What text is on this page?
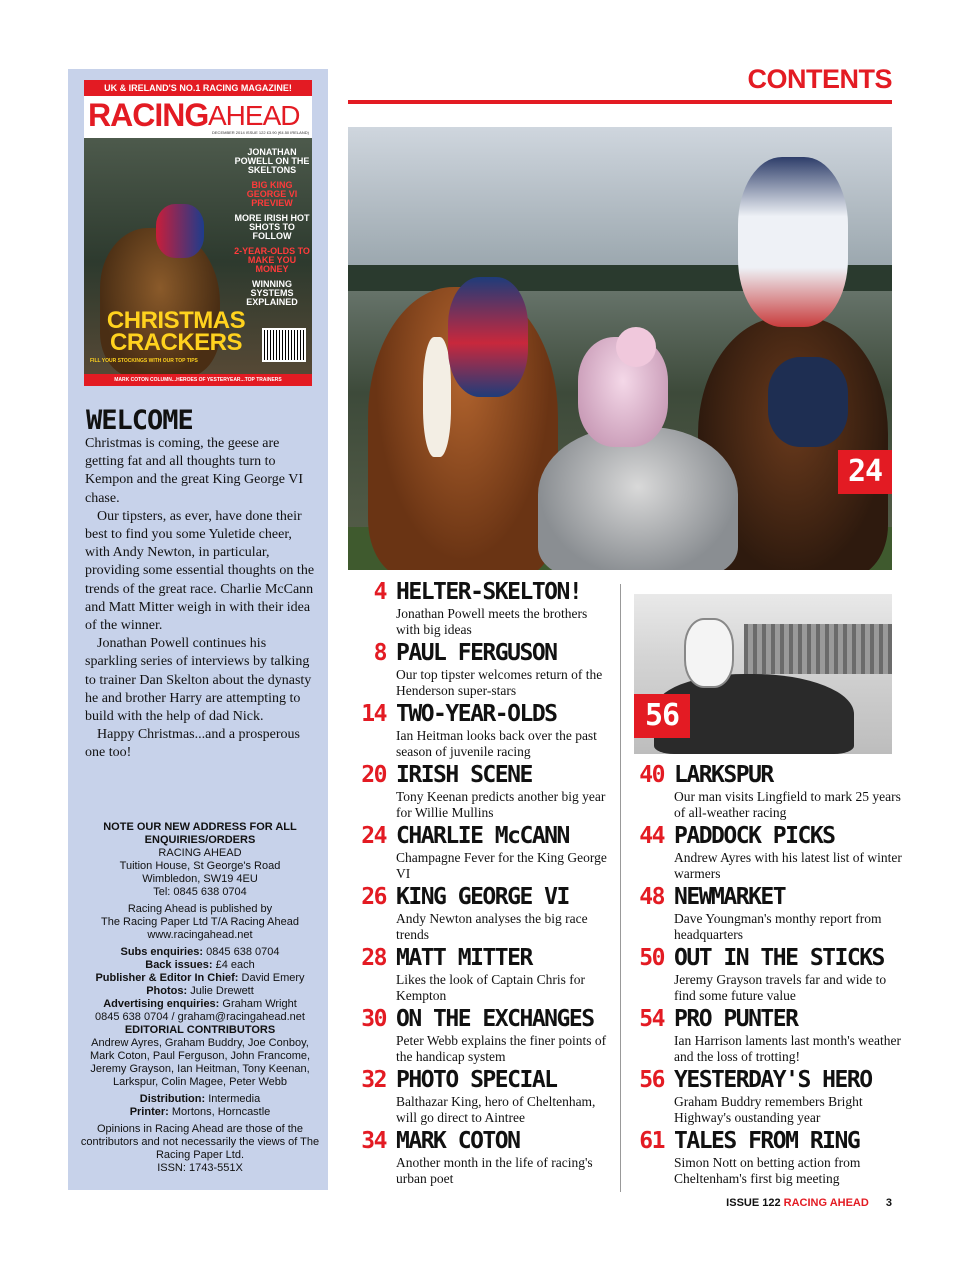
UK & IRELAND'S NO.1 RACING MAGAZINE!
RACING AHEAD
DECEMBER 2014 ISSUE 122 £3.90 (€4.50 IRELAND)
JONATHAN POWELL ON THE SKELTONS
BIG KING GEORGE VI PREVIEW
MORE IRISH HOT SHOTS TO FOLLOW
2-YEAR-OLDS TO MAKE YOU MONEY
WINNING SYSTEMS EXPLAINED
CHRISTMAS CRACKERS
FILL YOUR STOCKINGS WITH OUR TOP TIPS
MARK COTON COLUMN...HEROES OF YESTERYEAR...TOP TRAINERS
WELCOME

Christmas is coming, the geese are getting fat and all thoughts turn to Kempon and the great King George VI chase.

Our tipsters, as ever, have done their best to find you some Yuletide cheer, with Andy Newton, in particular, providing some essential thoughts on the trends of the great race. Charlie McCann and Matt Mitter weigh in with their idea of the winner.

Jonathan Powell continues his sparkling series of interviews by talking to trainer Dan Skelton about the dynasty he and brother Harry are attempting to build with the help of dad Nick.

Happy Christmas...and a prosperous one too!

NOTE OUR NEW ADDRESS FOR ALL ENQUIRIES/ORDERS
RACING AHEAD
Tuition House, St George's Road
Wimbledon, SW19 4EU
Tel: 0845 638 0704
Racing Ahead is published by
The Racing Paper Ltd T/A Racing Ahead
www.racingahead.net
Subs enquiries: 0845 638 0704
Back issues: £4 each
Publisher & Editor In Chief: David Emery
Photos: Julie Drewett
Advertising enquiries: Graham Wright
0845 638 0704 / graham@racingahead.net
EDITORIAL CONTRIBUTORS
Andrew Ayres, Graham Buddry, Joe Conboy, Mark Coton, Paul Ferguson, John Francome, Jeremy Grayson, Ian Heitman, Tony Keenan, Larkspur, Colin Magee, Peter Webb
Distribution: Intermedia
Printer: Mortons, Horncastle
Opinions in Racing Ahead are those of the contributors and not necessarily the views of The Racing Paper Ltd.
ISSN: 1743-551X
CONTENTS
24
4 HELTER-SKELTON!
Jonathan Powell meets the brothers with big ideas
8 PAUL FERGUSON
Our top tipster welcomes return of the Henderson super-stars
14 TWO-YEAR-OLDS
Ian Heitman looks back over the past season of juvenile racing
20 IRISH SCENE
Tony Keenan predicts another big year for Willie Mullins
24 CHARLIE McCANN
Champagne Fever for the King George VI
26 KING GEORGE VI
Andy Newton analyses the big race trends
28 MATT MITTER
Likes the look of Captain Chris for Kempton
30 ON THE EXCHANGES
Peter Webb explains the finer points of the handicap system
32 PHOTO SPECIAL
Balthazar King, hero of Cheltenham, will go direct to Aintree
34 MARK COTON
Another month in the life of racing's urban poet
56
40 LARKSPUR
Our man visits Lingfield to mark 25 years of all-weather racing
44 PADDOCK PICKS
Andrew Ayres with his latest list of winter warmers
48 NEWMARKET
Dave Youngman's monthy report from headquarters
50 OUT IN THE STICKS
Jeremy Grayson travels far and wide to find some future value
54 PRO PUNTER
Ian Harrison laments last month's weather and the loss of trotting!
56 YESTERDAY'S HERO
Graham Buddry remembers Bright Highway's oustanding year
61 TALES FROM RING
Simon Nott on betting action from Cheltenham's first big meeting
ISSUE 122 RACING AHEAD 3
